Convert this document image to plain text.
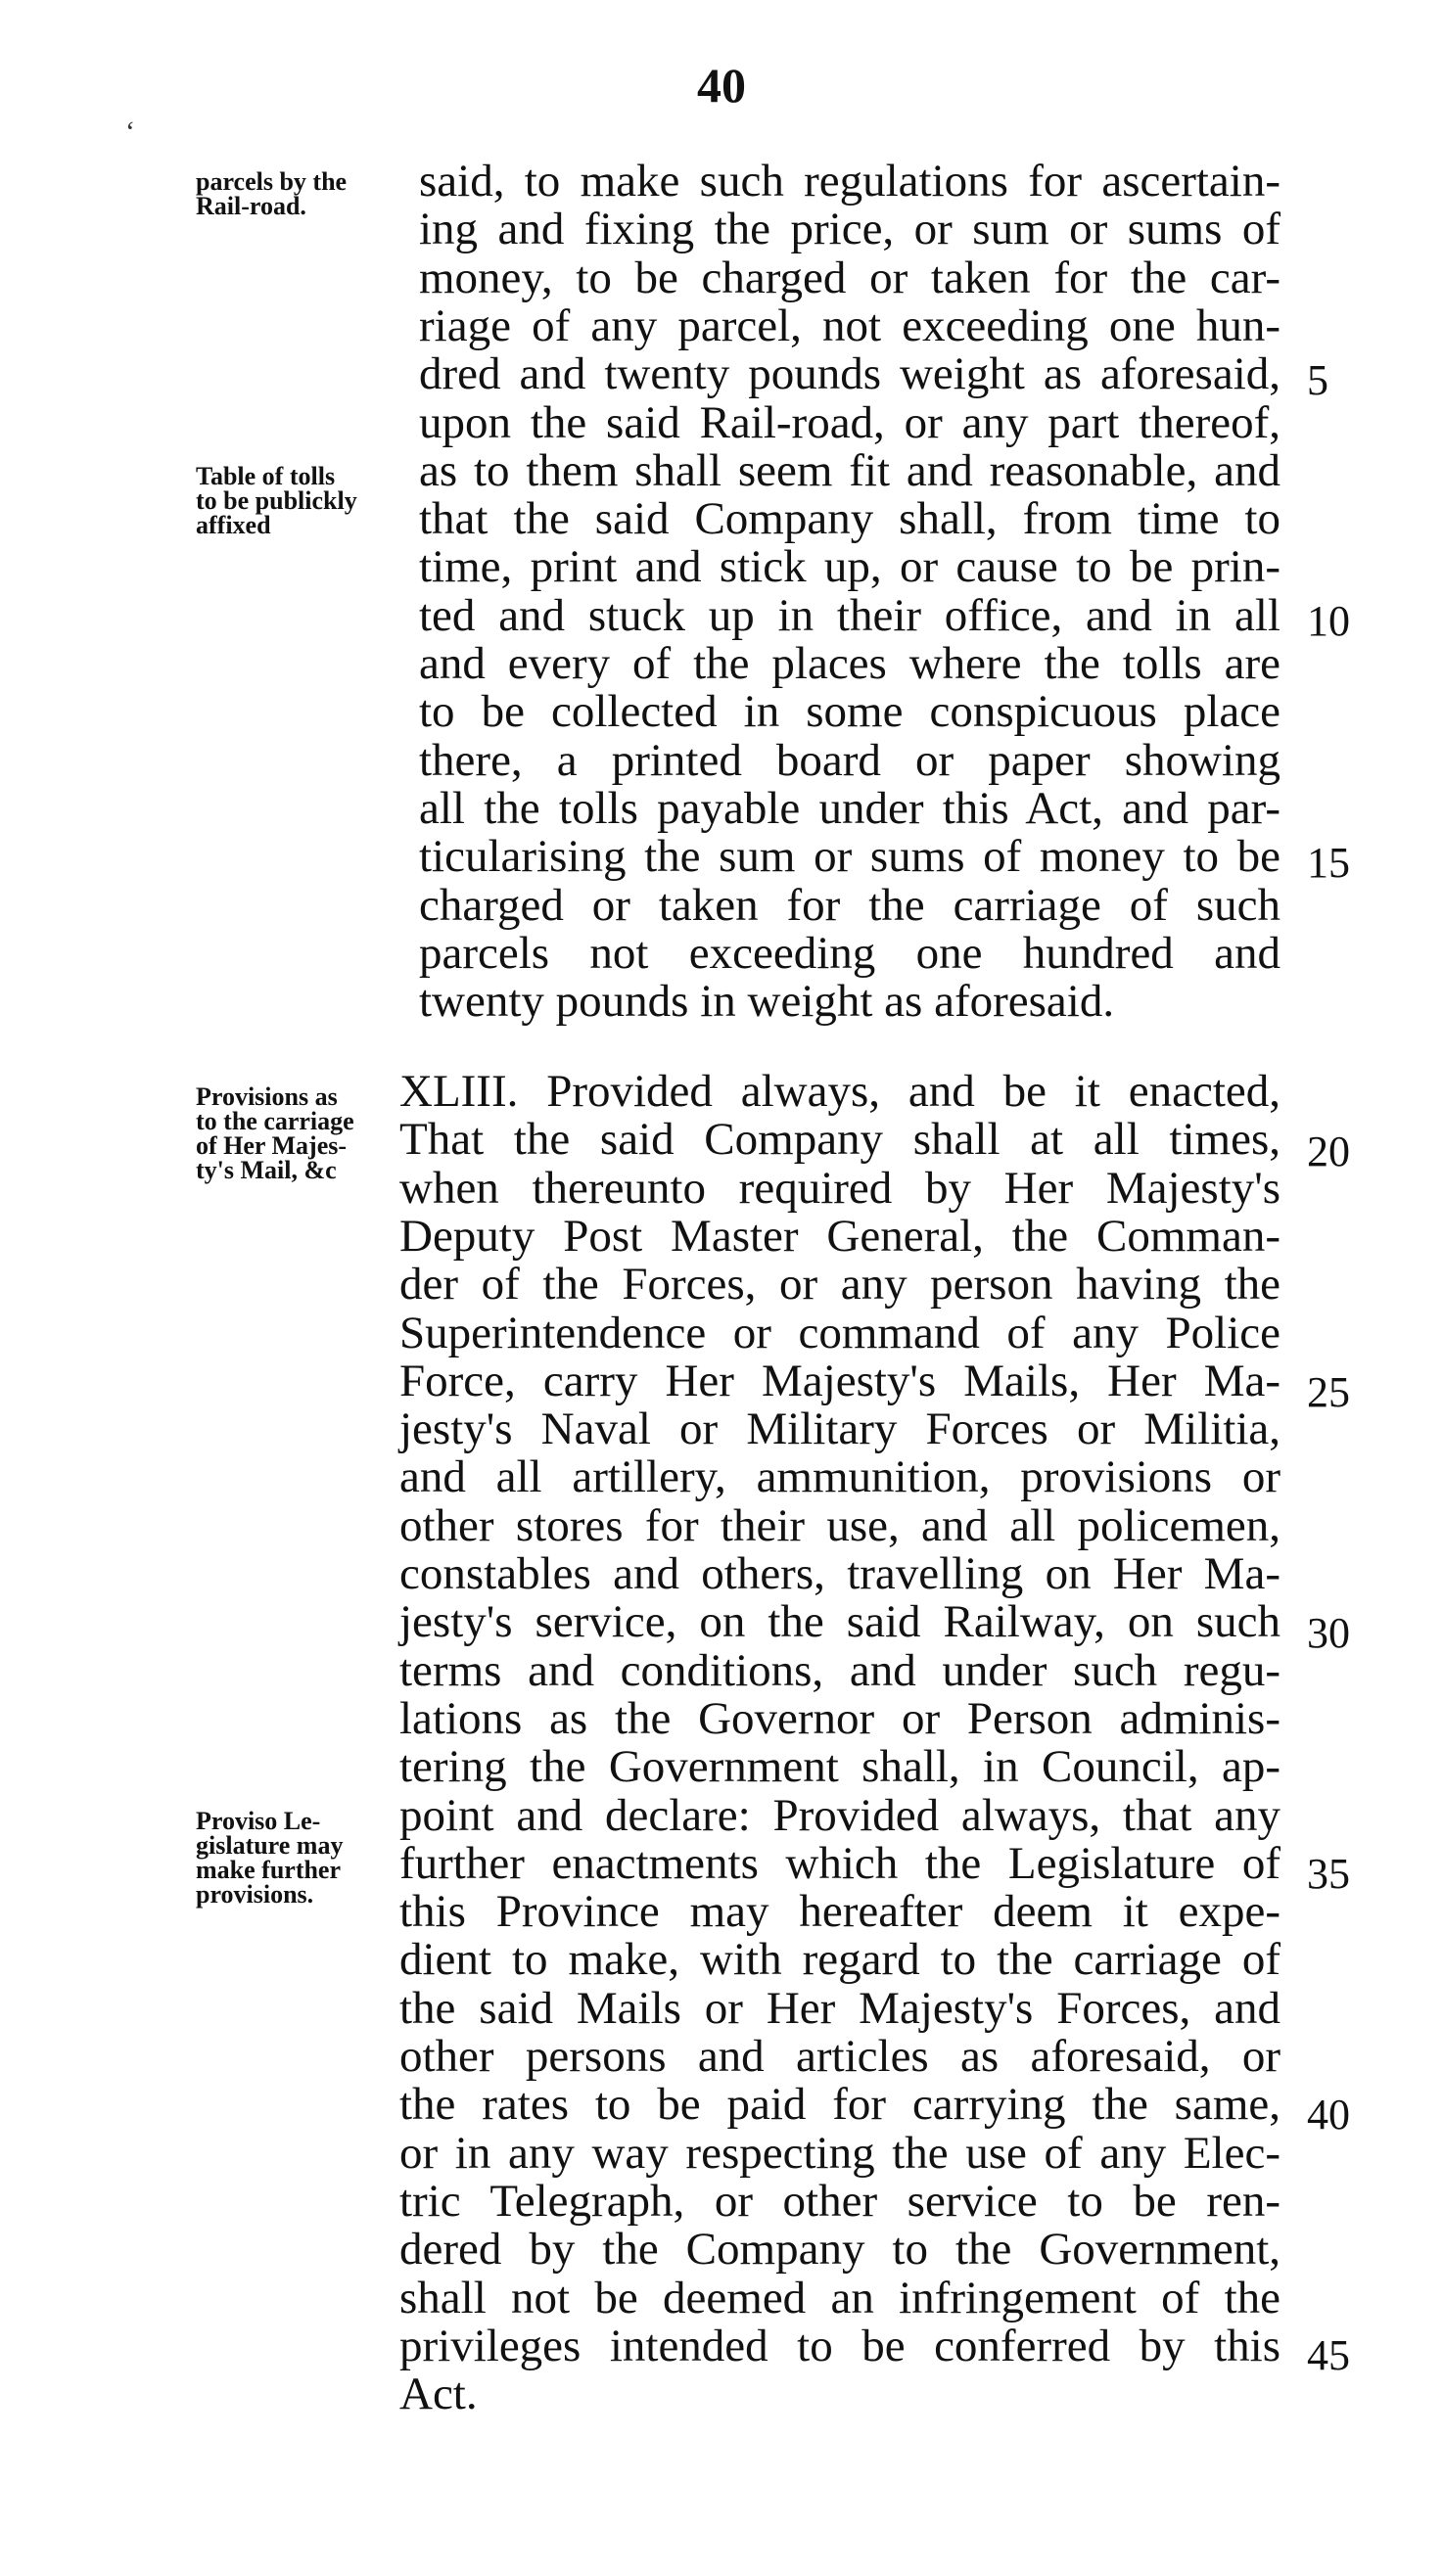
40
‘
parcels by the
Rail-road.
Table of tolls
to be publickly
affixed
Provisions as
to the carriage
of Her Majes-
ty's Mail, &c
Proviso Le-
gislature may
make further
provisions.
said, to make such regulations for ascertain-
ing and fixing the price, or sum or sums of
money, to be charged or taken for the car-
riage of any parcel, not exceeding one hun-
dred and twenty pounds weight as aforesaid,
upon the said Rail-road, or any part thereof,
as to them shall seem fit and reasonable, and
that the said Company shall, from time to
time, print and stick up, or cause to be prin-
ted and stuck up in their office, and in all
and every of the places where the tolls are
to be collected in some conspicuous place
there, a printed board or paper showing
all the tolls payable under this Act, and par-
ticularising the sum or sums of money to be
charged or taken for the carriage of such
parcels not exceeding one hundred and
twenty pounds in weight as aforesaid.
XLIII. Provided always, and be it enacted,
That the said Company shall at all times,
when thereunto required by Her Majesty's
Deputy Post Master General, the Comman-
der of the Forces, or any person having the
Superintendence or command of any Police
Force, carry Her Majesty's Mails, Her Ma-
jesty's Naval or Military Forces or Militia,
and all artillery, ammunition, provisions or
other stores for their use, and all policemen,
constables and others, travelling on Her Ma-
jesty's service, on the said Railway, on such
terms and conditions, and under such regu-
lations as the Governor or Person adminis-
tering the Government shall, in Council, ap-
point and declare: Provided always, that any
further enactments which the Legislature of
this Province may hereafter deem it expe-
dient to make, with regard to the carriage of
the said Mails or Her Majesty's Forces, and
other persons and articles as aforesaid, or
the rates to be paid for carrying the same,
or in any way respecting the use of any Elec-
tric Telegraph, or other service to be ren-
dered by the Company to the Government,
shall not be deemed an infringement of the
privileges intended to be conferred by this
Act.
5
10
15
20
25
30
35
40
45
